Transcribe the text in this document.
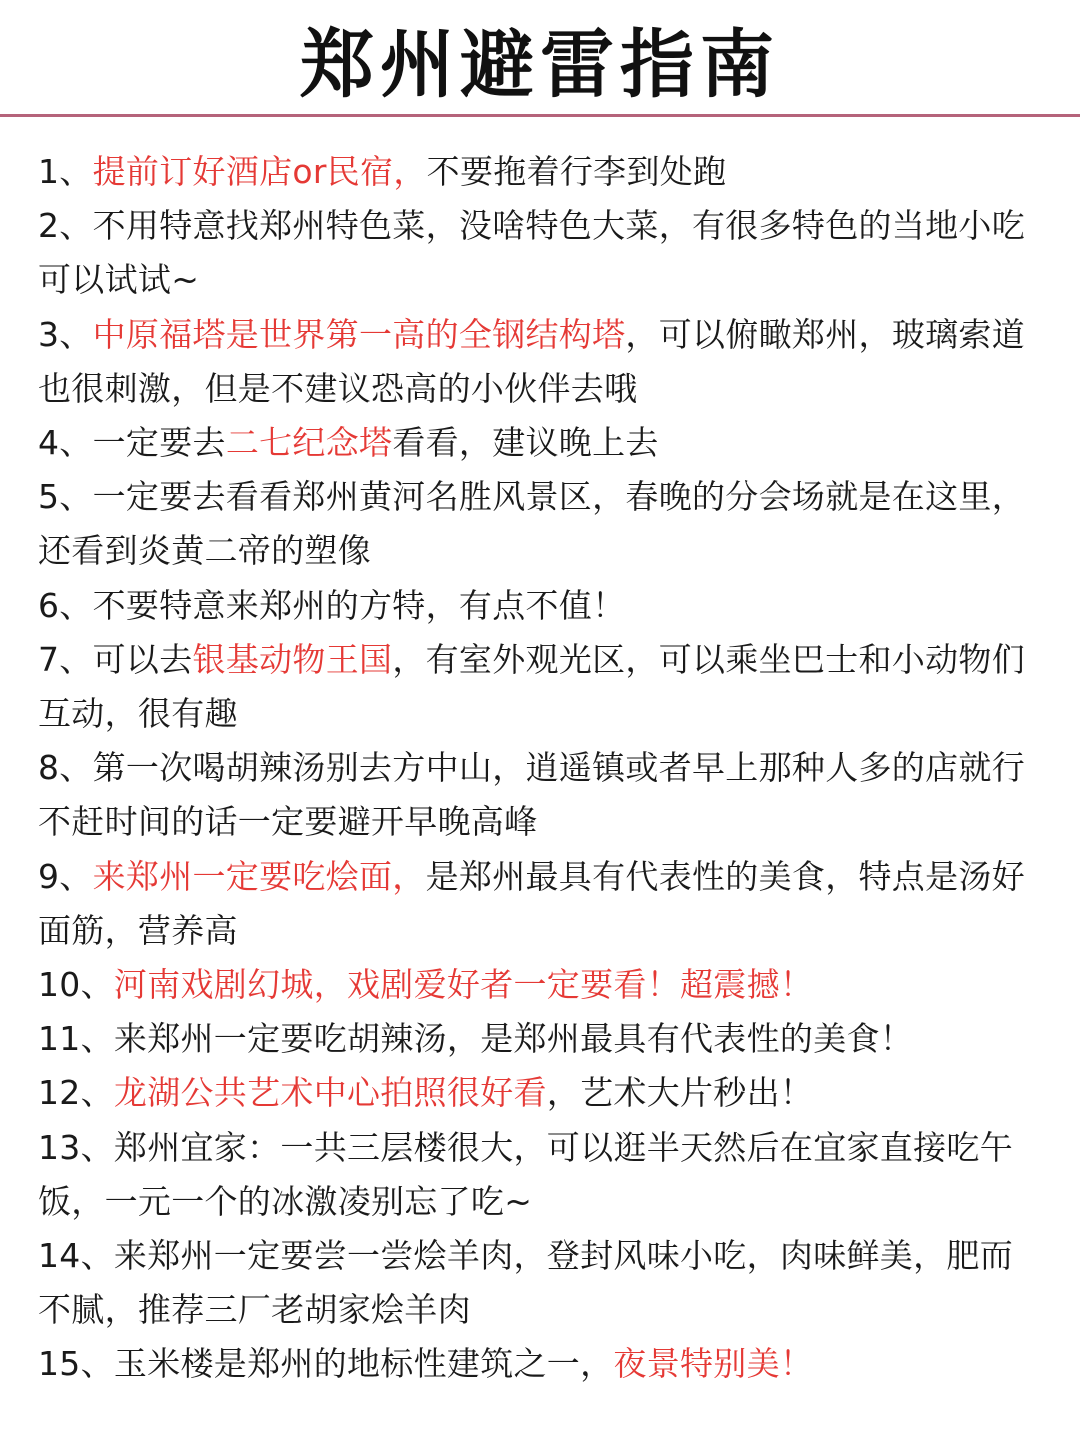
郑州避雷指南
1、提前订好酒店or民宿，不要拖着行李到处跑
2、不用特意找郑州特色菜，没啥特色大菜，有很多特色的当地小吃可以试试~
3、中原福塔是世界第一高的全钢结构塔，可以俯瞰郑州，玻璃索道也很刺激，但是不建议恐高的小伙伴去哦
4、一定要去二七纪念塔看看，建议晚上去
5、一定要去看看郑州黄河名胜风景区，春晚的分会场就是在这里，还看到炎黄二帝的塑像
6、不要特意来郑州的方特，有点不值！
7、可以去银基动物王国，有室外观光区，可以乘坐巴士和小动物们互动，很有趣
8、第一次喝胡辣汤别去方中山，逍遥镇或者早上那种人多的店就行不赶时间的话一定要避开早晚高峰
9、来郑州一定要吃烩面，是郑州最具有代表性的美食，特点是汤好面筋，营养高
10、河南戏剧幻城，戏剧爱好者一定要看！超震撼！
11、来郑州一定要吃胡辣汤，是郑州最具有代表性的美食！
12、龙湖公共艺术中心拍照很好看，艺术大片秒出！
13、郑州宜家：一共三层楼很大，可以逛半天然后在宜家直接吃午饭，一元一个的冰激凌别忘了吃~
14、来郑州一定要尝一尝烩羊肉，登封风味小吃，肉味鲜美，肥而不腻，推荐三厂老胡家烩羊肉
15、玉米楼是郑州的地标性建筑之一，夜景特别美！
